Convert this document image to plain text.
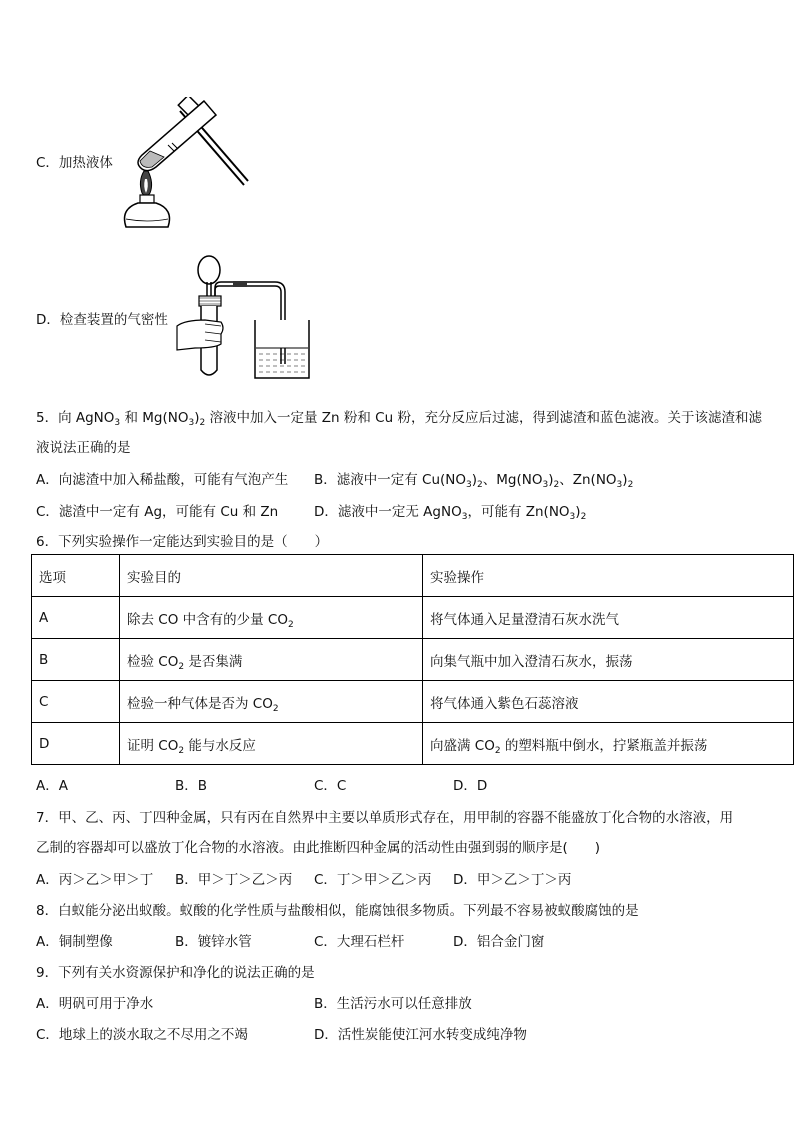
C．加热液体
D．检查装置的气密性
5．向 AgNO$_3$ 和 $Mg(NO_3)_2$ 溶液中加入一定量 Zn 粉和 Cu 粉，充分反应后过滤，得到滤渣和蓝色滤液。关于该滤渣和滤
液说法正确的是
A．向滤渣中加入稀盐酸，可能有气泡产生 B．滤液中一定有 $Cu(NO_3)_2$、$Mg(NO_3)_2$、$Zn(NO_3)_2$
C．滤渣中一定有 Ag，可能有 Cu 和 Zn	D．滤液中一定无 AgNO$_3$，可能有 $Zn(NO_3)_2$
6．下列实验操作一定能达到实验目的是（　　）
选项	实验目的	实验操作
A	除去 CO 中含有的少量 $CO_2$	将气体通入足量澄清石灰水洗气
B	检验 $CO_2$ 是否集满	向集气瓶中加入澄清石灰水，振荡
C	检验一种气体是否为 $CO_2$	将气体通入紫色石蕊溶液
D	证明 $CO_2$ 能与水反应	向盛满 $CO_2$ 的塑料瓶中倒水，拧紧瓶盖并振荡
A．A	B．B	C．C	D．D
7．甲、乙、丙、丁四种金属，只有丙在自然界中主要以单质形式存在，用甲制的容器不能盛放丁化合物的水溶液，用
乙制的容器却可以盛放丁化合物的水溶液。由此推断四种金属的活动性由强到弱的顺序是(　　)
A．丙＞乙＞甲＞丁 B．甲＞丁＞乙＞丙 C．丁＞甲＞乙＞丙 D．甲＞乙＞丁＞丙
8．白蚁能分泌出蚁酸。蚁酸的化学性质与盐酸相似，能腐蚀很多物质。下列最不容易被蚁酸腐蚀的是
A．铜制塑像	B．镀锌水管	C．大理石栏杆	D．铝合金门窗
9．下列有关水资源保护和净化的说法正确的是
A．明矾可用于净水	B．生活污水可以任意排放
C．地球上的淡水取之不尽用之不竭	D．活性炭能使江河水转变成纯净物
